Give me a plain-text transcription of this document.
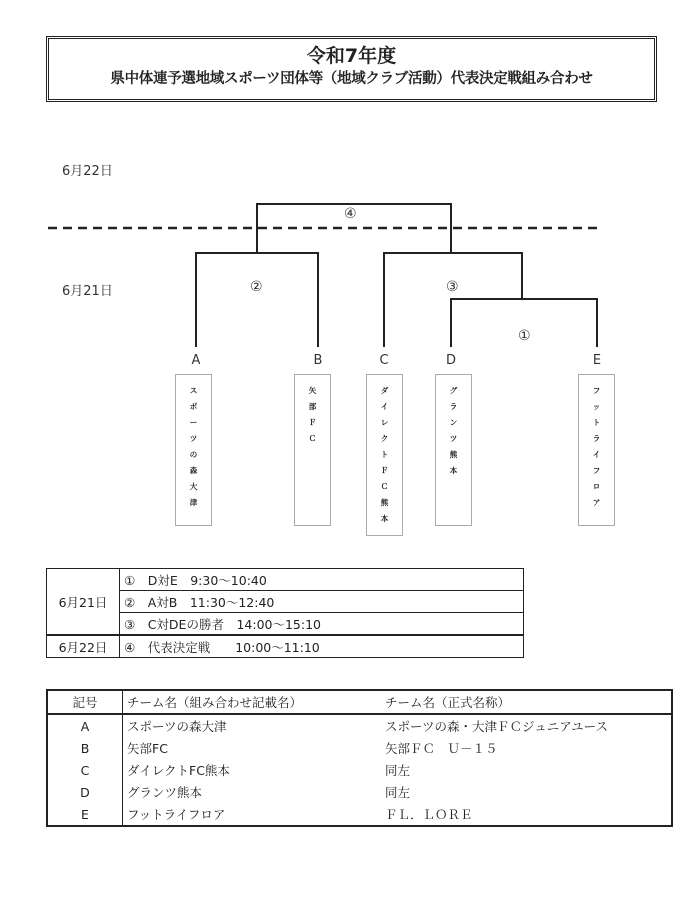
令和7年度
県中体連予選地域スポーツ団体等（地域クラブ活動）代表決定戦組み合わせ
6月22日
6月21日
④
②	③
①
A	B	C	D	E
ス
ポ
ー
ツ
の
森
大
津
矢
部
Ｆ
Ｃ
ダ
イ
レ
ク
ト
Ｆ
Ｃ
熊
本
グ
ラ
ン
ツ
熊
本
フ
ッ
ト
ラ
イ
フ
ロ
ア
6月21日	①　D対E　9:30～10:40
	②　A対B　11:30～12:40
	③　C対DEの勝者　14:00～15:10
6月22日	④　代表決定戦　　10:00～11:10
記号	チーム名（組み合わせ記載名）	チーム名（正式名称）
A	スポーツの森大津	スポーツの森・大津ＦＣジュニアユース
B	矢部FC	矢部ＦＣ　Ｕ－１５
C	ダイレクトFC熊本	同左
D	グランツ熊本	同左
E	フットライフロア	ＦＬ．ＬＯＲＥ
